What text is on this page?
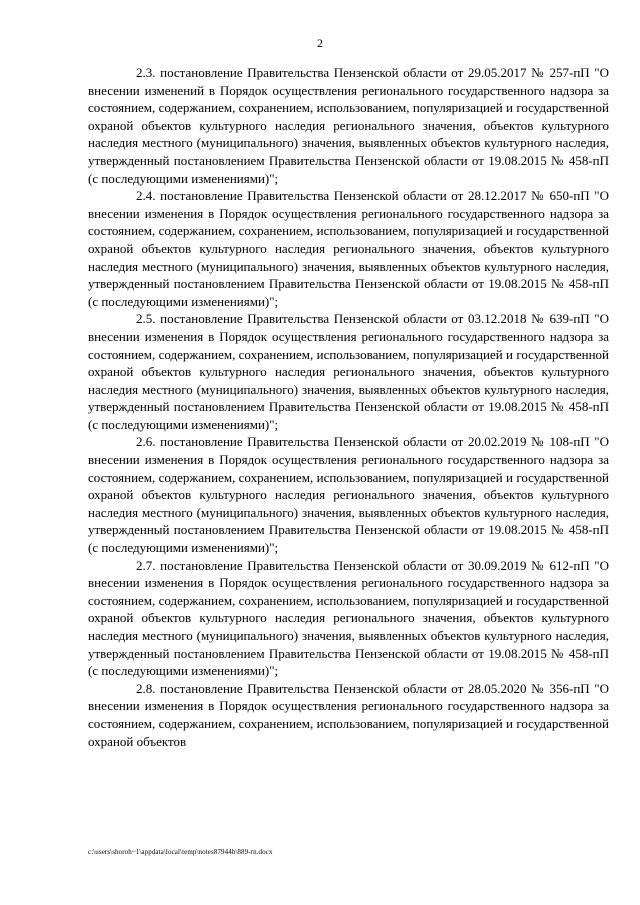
2

2.3. постановление Правительства Пензенской области от 29.05.2017 № 257-пП "О внесении изменений в Порядок осуществления регионального государственного надзора за состоянием, содержанием, сохранением, использованием, популяризацией и государственной охраной объектов культурного наследия регионального значения, объектов культурного наследия местного (муниципального) значения, выявленных объектов культурного наследия, утвержденный постановлением Правительства Пензенской области от 19.08.2015 № 458-пП (с последующими изменениями)";

2.4. постановление Правительства Пензенской области от 28.12.2017 № 650-пП "О внесении изменения в Порядок осуществления регионального государственного надзора за состоянием, содержанием, сохранением, использованием, популяризацией и государственной охраной объектов культурного наследия регионального значения, объектов культурного наследия местного (муниципального) значения, выявленных объектов культурного наследия, утвержденный постановлением Правительства Пензенской области от 19.08.2015 № 458-пП (с последующими изменениями)";

2.5. постановление Правительства Пензенской области от 03.12.2018 № 639-пП "О внесении изменения в Порядок осуществления регионального государственного надзора за состоянием, содержанием, сохранением, использованием, популяризацией и государственной охраной объектов культурного наследия регионального значения, объектов культурного наследия местного (муниципального) значения, выявленных объектов культурного наследия, утвержденный постановлением Правительства Пензенской области от 19.08.2015 № 458-пП (с последующими изменениями)";

2.6. постановление Правительства Пензенской области от 20.02.2019 № 108-пП "О внесении изменения в Порядок осуществления регионального государственного надзора за состоянием, содержанием, сохранением, использованием, популяризацией и государственной охраной объектов культурного наследия регионального значения, объектов культурного наследия местного (муниципального) значения, выявленных объектов культурного наследия, утвержденный постановлением Правительства Пензенской области от 19.08.2015 № 458-пП (с последующими изменениями)";

2.7. постановление Правительства Пензенской области от 30.09.2019 № 612-пП "О внесении изменения в Порядок осуществления регионального государственного надзора за состоянием, содержанием, сохранением, использованием, популяризацией и государственной охраной объектов культурного наследия регионального значения, объектов культурного наследия местного (муниципального) значения, выявленных объектов культурного наследия, утвержденный постановлением Правительства Пензенской области от 19.08.2015 № 458-пП (с последующими изменениями)";

2.8. постановление Правительства Пензенской области от 28.05.2020 № 356-пП "О внесении изменения в Порядок осуществления регионального государственного надзора за состоянием, содержанием, сохранением, использованием, популяризацией и государственной охраной объектов

c:\users\shoroh~1\appdata\local\temp\notes87944b\889-rn.docx
